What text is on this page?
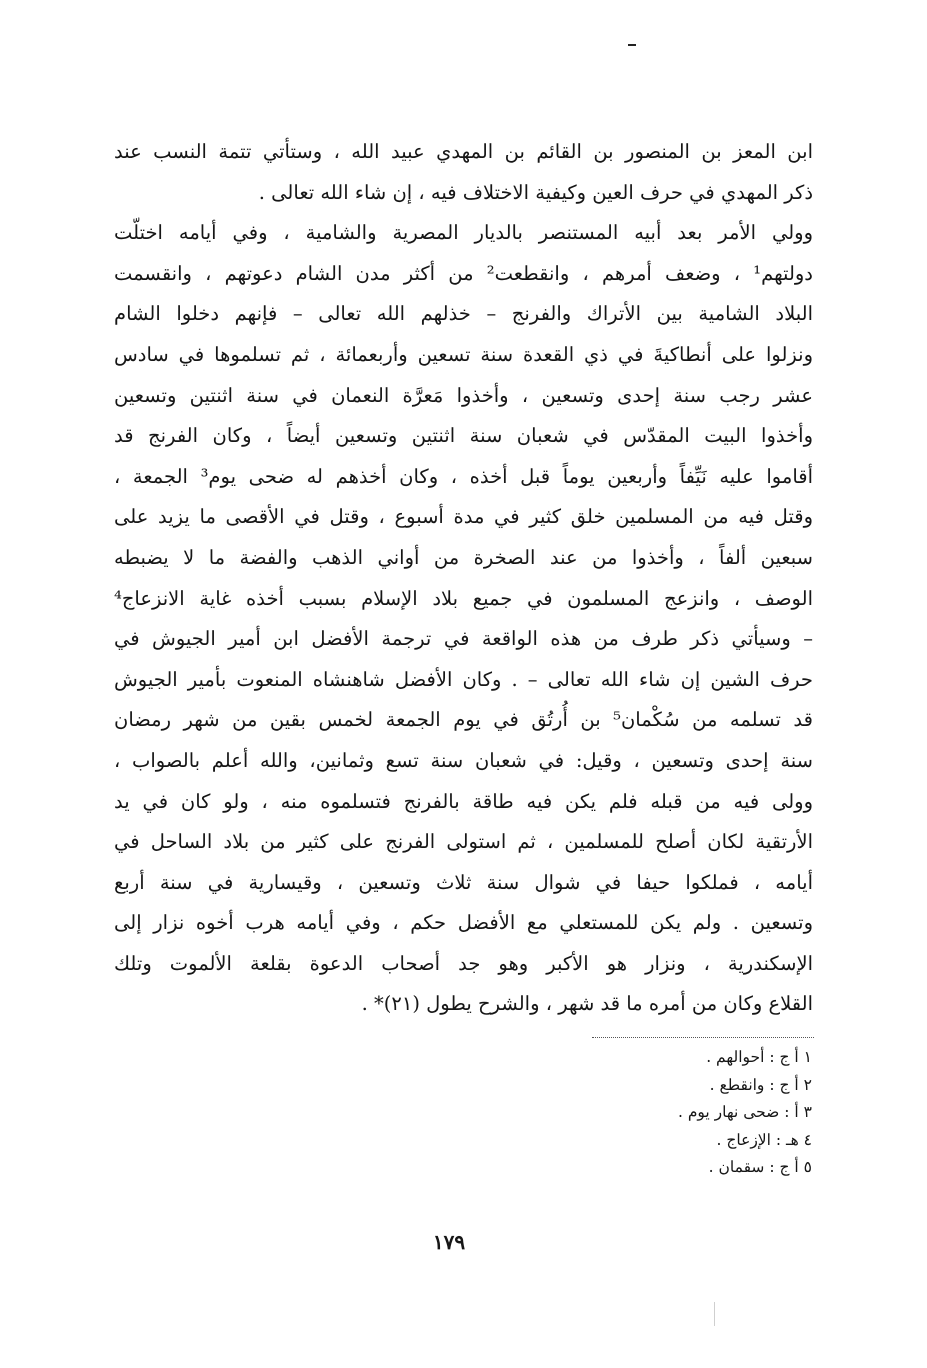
ابن المعز بن المنصور بن القائم بن المهدي عبيد الله ، وستأتي تتمة النسب عند
ذكر المهدي في حرف العين وكيفية الاختلاف فيه ، إن شاء الله تعالى .
وولي الأمر بعد أبيه المستنصر بالديار المصرية والشامية ، وفي أيامه اختلّت
دولتهم¹ ، وضعف أمرهم ، وانقطعت² من أكثر مدن الشام دعوتهم ، وانقسمت
البلاد الشامية بين الأتراك والفرنج – خذلهم الله تعالى – فإنهم دخلوا الشام
ونزلوا على أنطاكيةَ في ذي القعدة سنة تسعين وأربعمائة ، ثم تسلموها في سادس
عشر رجب سنة إحدى وتسعين ، وأخذوا مَعرَّة النعمان في سنة اثنتين وتسعين
وأخذوا البيت المقدّس في شعبان سنة اثنتين وتسعين أيضاً ، وكان الفرنج قد
أقاموا عليه نَيِّفاً وأربعين يوماً قبل أخذه ، وكان أخذهم له ضحى يوم³ الجمعة ،
وقتل فيه من المسلمين خلق كثير في مدة أسبوع ، وقتل في الأقصى ما يزيد على
سبعين ألفاً ، وأخذوا من عند الصخرة من أواني الذهب والفضة ما لا يضبطه
الوصف ، وانزعج المسلمون في جميع بلاد الإسلام بسبب أخذه غاية الانزعاج⁴
– وسيأتي ذكر طرف من هذه الواقعة في ترجمة الأفضل ابن أمير الجيوش في
حرف الشين إن شاء الله تعالى – . وكان الأفضل شاهنشاه المنعوت بأمير الجيوش
قد تسلمه من سُكْمان⁵ بن أُرتُق في يوم الجمعة لخمس بقين من شهر رمضان
سنة إحدى وتسعين ، وقيل: في شعبان سنة تسع وثمانين، والله أعلم بالصواب ،
وولى فيه من قبله فلم يكن فيه طاقة بالفرنج فتسلموه منه ، ولو كان في يد
الأرتقية لكان أصلح للمسلمين ، ثم استولى الفرنج على كثير من بلاد الساحل في
أيامه ، فملكوا حيفا في شوال سنة ثلاث وتسعين ، وقيسارية في سنة أربع
وتسعين . ولم يكن للمستعلي مع الأفضل حكم ، وفي أيامه هرب أخوه نزار إلى
الإسكندرية ، ونزار هو الأكبر وهو جد أصحاب الدعوة بقلعة الألموت وتلك
القلاع وكان من أمره ما قد شهر ، والشرح يطول (٢١)* .
١ أ ج : أحوالهم .
٢ أ ج : وانقطع .
٣ أ : ضحى نهار يوم .
٤ هـ : الإزعاج .
٥ أ ج : سقمان .
١٧٩
